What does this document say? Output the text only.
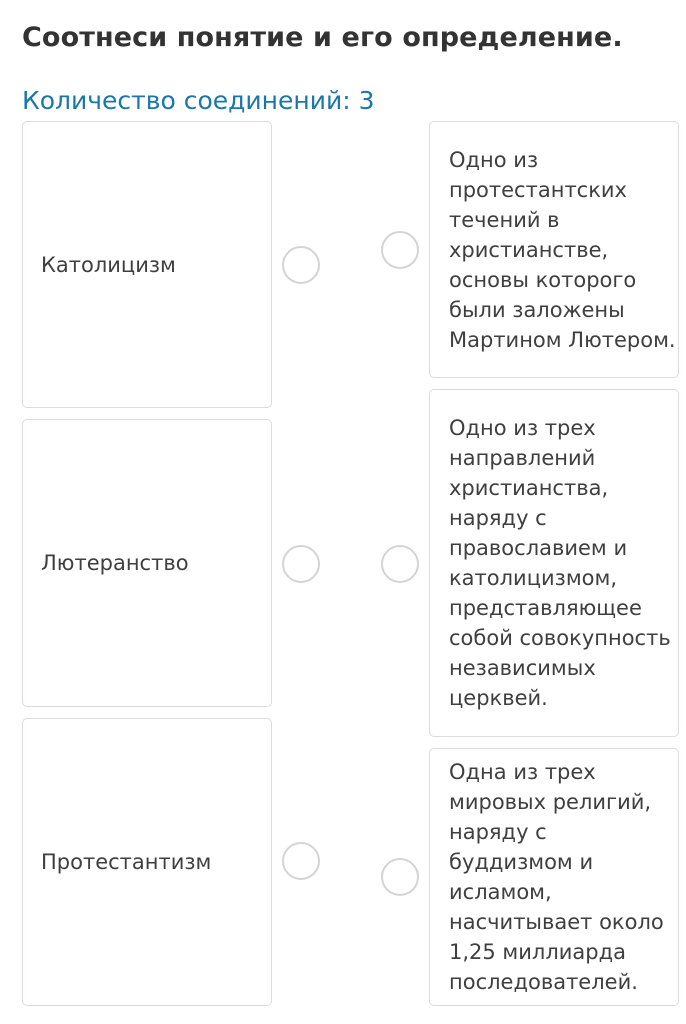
Соотнеси понятие и его определение.
Количество соединений: 3
Католицизм
Лютеранство
Протестантизм
Одно из протестантских течений в христианстве, основы которого были заложены Мартином Лютером.
Одно из трех направлений христианства, наряду с православием и католицизмом, представляющее собой совокупность независимых церквей.
Одна из трех мировых религий, наряду с буддизмом и исламом, насчитывает около 1,25 миллиарда последователей.
